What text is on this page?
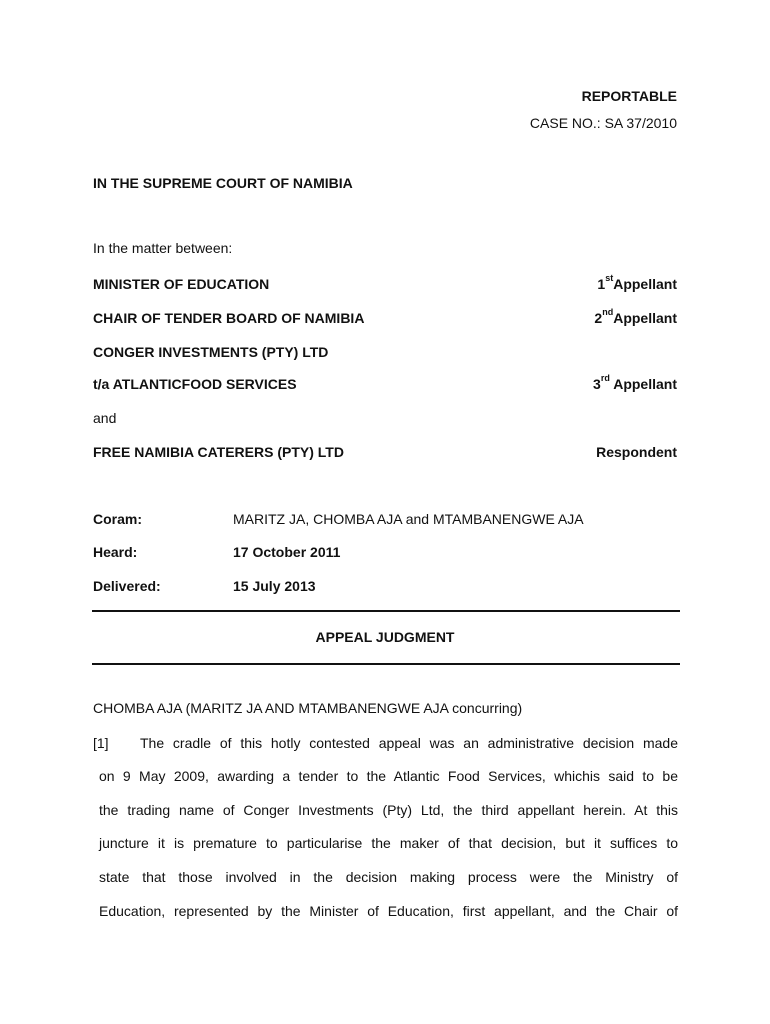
REPORTABLE
CASE NO.: SA 37/2010
IN THE SUPREME COURT OF NAMIBIA
In the matter between:
MINISTER OF EDUCATION	1stAppellant
CHAIR OF TENDER BOARD OF NAMIBIA	2ndAppellant
CONGER INVESTMENTS (PTY) LTD
t/a ATLANTICFOOD SERVICES	3rd Appellant
and
FREE NAMIBIA CATERERS (PTY) LTD	Respondent
Coram:	MARITZ JA, CHOMBA AJA and MTAMBANENGWE AJA
Heard:	17 October 2011
Delivered:	15 July 2013
APPEAL JUDGMENT
CHOMBA AJA (MARITZ JA AND MTAMBANENGWE AJA concurring)
[1] The cradle of this hotly contested appeal was an administrative decision made
on 9 May 2009, awarding a tender to the Atlantic Food Services, whichis said to be
the trading name of Conger Investments (Pty) Ltd, the third appellant herein. At this
juncture it is premature to particularise the maker of that decision, but it suffices to
state that those involved in the decision making process were the Ministry of
Education, represented by the Minister of Education, first appellant, and the Chair of
